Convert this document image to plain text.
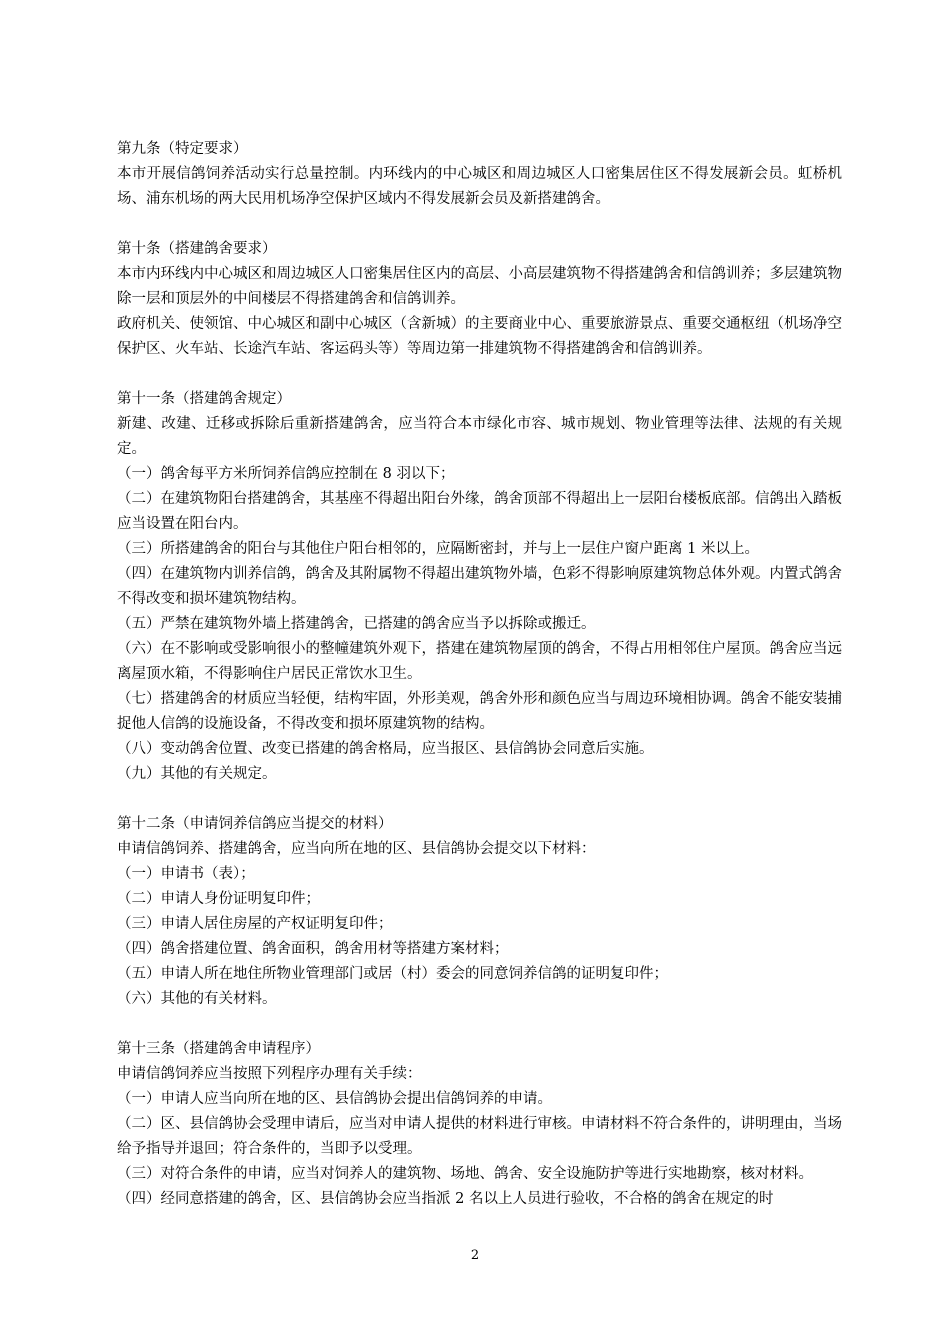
第九条（特定要求）

本市开展信鸽饲养活动实行总量控制。内环线内的中心城区和周边城区人口密集居住区不得发展新会员。虹桥机场、浦东机场的两大民用机场净空保护区域内不得发展新会员及新搭建鸽舍。

第十条（搭建鸽舍要求）

本市内环线内中心城区和周边城区人口密集居住区内的高层、小高层建筑物不得搭建鸽舍和信鸽训养；多层建筑物除一层和顶层外的中间楼层不得搭建鸽舍和信鸽训养。

政府机关、使领馆、中心城区和副中心城区（含新城）的主要商业中心、重要旅游景点、重要交通枢纽（机场净空保护区、火车站、长途汽车站、客运码头等）等周边第一排建筑物不得搭建鸽舍和信鸽训养。

第十一条（搭建鸽舍规定）

新建、改建、迁移或拆除后重新搭建鸽舍，应当符合本市绿化市容、城市规划、物业管理等法律、法规的有关规定。

（一）鸽舍每平方米所饲养信鸽应控制在 8 羽以下；

（二）在建筑物阳台搭建鸽舍，其基座不得超出阳台外缘，鸽舍顶部不得超出上一层阳台楼板底部。信鸽出入踏板应当设置在阳台内。

（三）所搭建鸽舍的阳台与其他住户阳台相邻的，应隔断密封，并与上一层住户窗户距离 1 米以上。

（四）在建筑物内训养信鸽，鸽舍及其附属物不得超出建筑物外墙，色彩不得影响原建筑物总体外观。内置式鸽舍不得改变和损坏建筑物结构。

（五）严禁在建筑物外墙上搭建鸽舍，已搭建的鸽舍应当予以拆除或搬迁。

（六）在不影响或受影响很小的整幢建筑外观下，搭建在建筑物屋顶的鸽舍，不得占用相邻住户屋顶。鸽舍应当远离屋顶水箱，不得影响住户居民正常饮水卫生。

（七）搭建鸽舍的材质应当轻便，结构牢固，外形美观，鸽舍外形和颜色应当与周边环境相协调。鸽舍不能安装捕捉他人信鸽的设施设备，不得改变和损坏原建筑物的结构。

（八）变动鸽舍位置、改变已搭建的鸽舍格局，应当报区、县信鸽协会同意后实施。

（九）其他的有关规定。

第十二条（申请饲养信鸽应当提交的材料）

申请信鸽饲养、搭建鸽舍，应当向所在地的区、县信鸽协会提交以下材料：

（一）申请书（表）；

（二）申请人身份证明复印件；

（三）申请人居住房屋的产权证明复印件；

（四）鸽舍搭建位置、鸽舍面积，鸽舍用材等搭建方案材料；

（五）申请人所在地住所物业管理部门或居（村）委会的同意饲养信鸽的证明复印件；

（六）其他的有关材料。

第十三条（搭建鸽舍申请程序）

申请信鸽饲养应当按照下列程序办理有关手续：

（一）申请人应当向所在地的区、县信鸽协会提出信鸽饲养的申请。

（二）区、县信鸽协会受理申请后，应当对申请人提供的材料进行审核。申请材料不符合条件的，讲明理由，当场给予指导并退回；符合条件的，当即予以受理。

（三）对符合条件的申请，应当对饲养人的建筑物、场地、鸽舍、安全设施防护等进行实地勘察，核对材料。

（四）经同意搭建的鸽舍，区、县信鸽协会应当指派 2 名以上人员进行验收，不合格的鸽舍在规定的时

2
